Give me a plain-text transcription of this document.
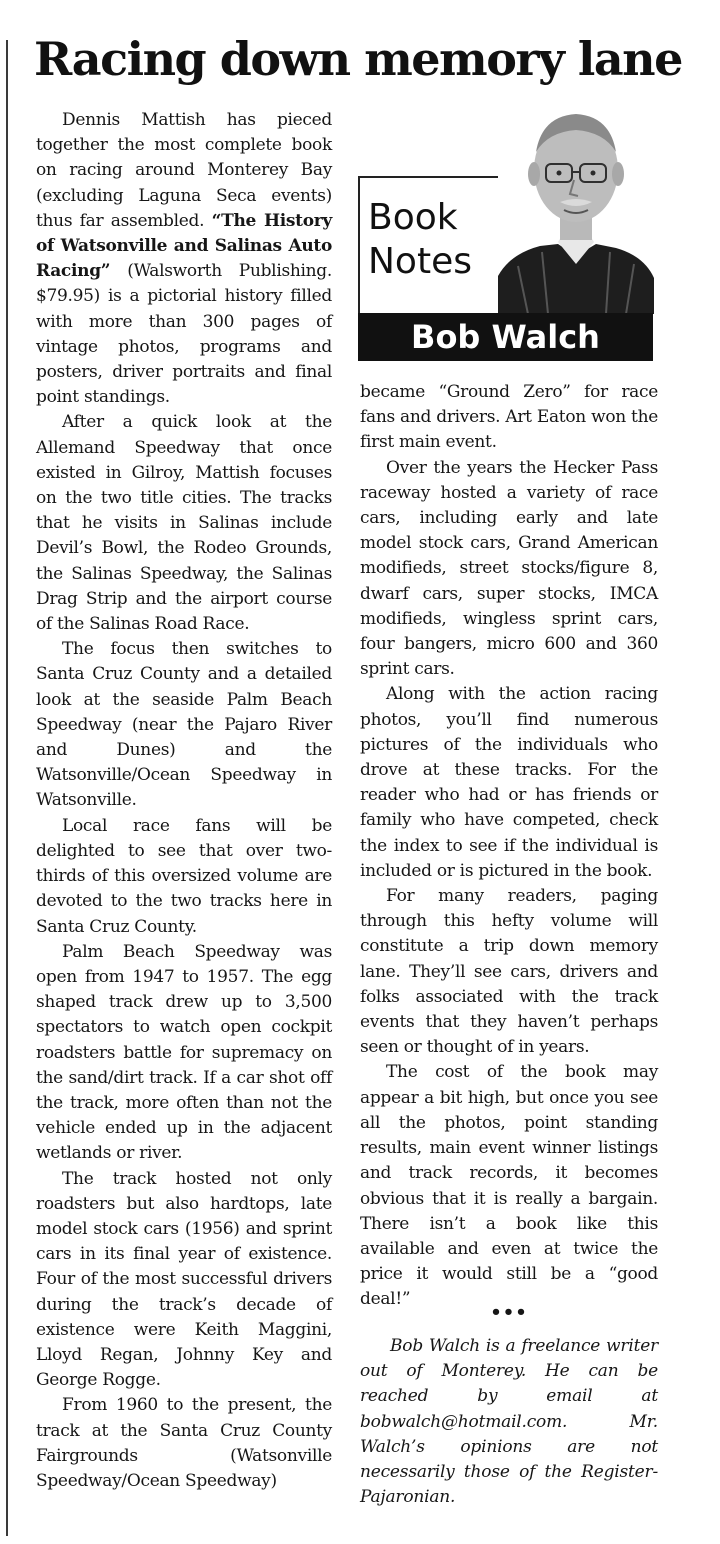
Racing down memory lane

Dennis Mattish has pieced together the most complete book on racing around Monterey Bay (excluding Laguna Seca events) thus far assembled. “The History of Watsonville and Salinas Auto Racing” (Walsworth Publishing. $79.95) is a pictorial history filled with more than 300 pages of vintage photos, programs and posters, driver portraits and final point standings.

After a quick look at the Allemand Speedway that once existed in Gilroy, Mattish focuses on the two title cities. The tracks that he visits in Salinas include Devil’s Bowl, the Rodeo Grounds, the Salinas Speedway, the Salinas Drag Strip and the airport course of the Salinas Road Race.

The focus then switches to Santa Cruz County and a detailed look at the seaside Palm Beach Speedway (near the Pajaro River and Dunes) and the Watsonville/Ocean Speedway in Watsonville.

Local race fans will be delighted to see that over two-thirds of this oversized volume are devoted to the two tracks here in Santa Cruz County.

Palm Beach Speedway was open from 1947 to 1957. The egg shaped track drew up to 3,500 spectators to watch open cockpit roadsters battle for supremacy on the sand/dirt track. If a car shot off the track, more often than not the vehicle ended up in the adjacent wetlands or river.

The track hosted not only roadsters but also hardtops, late model stock cars (1956) and sprint cars in its final year of existence. Four of the most successful drivers during the track’s decade of existence were Keith Maggini, Lloyd Regan, Johnny Key and George Rogge.

From 1960 to the present, the track at the Santa Cruz County Fairgrounds (Watsonville Speedway/Ocean Speedway)

Book
Notes
Bob Walch

became “Ground Zero” for race fans and drivers. Art Eaton won the first main event.

Over the years the Hecker Pass raceway hosted a variety of race cars, including early and late model stock cars, Grand American modifieds, street stocks/figure 8, dwarf cars, super stocks, IMCA modifieds, wingless sprint cars, four bangers, micro 600 and 360 sprint cars.

Along with the action racing photos, you’ll find numerous pictures of the individuals who drove at these tracks. For the reader who had or has friends or family who have competed, check the index to see if the individual is included or is pictured in the book.

For many readers, paging through this hefty volume will constitute a trip down memory lane. They’ll see cars, drivers and folks associated with the track events that they haven’t perhaps seen or thought of in years.

The cost of the book may appear a bit high, but once you see all the photos, point standing results, main event winner listings and track records, it becomes obvious that it is really a bargain. There isn’t a book like this available and even at twice the price it would still be a “good deal!”

•••

Bob Walch is a freelance writer out of Monterey. He can be reached by email at bobwalch@hotmail.com. Mr. Walch’s opinions are not necessarily those of the Register-Pajaronian.
